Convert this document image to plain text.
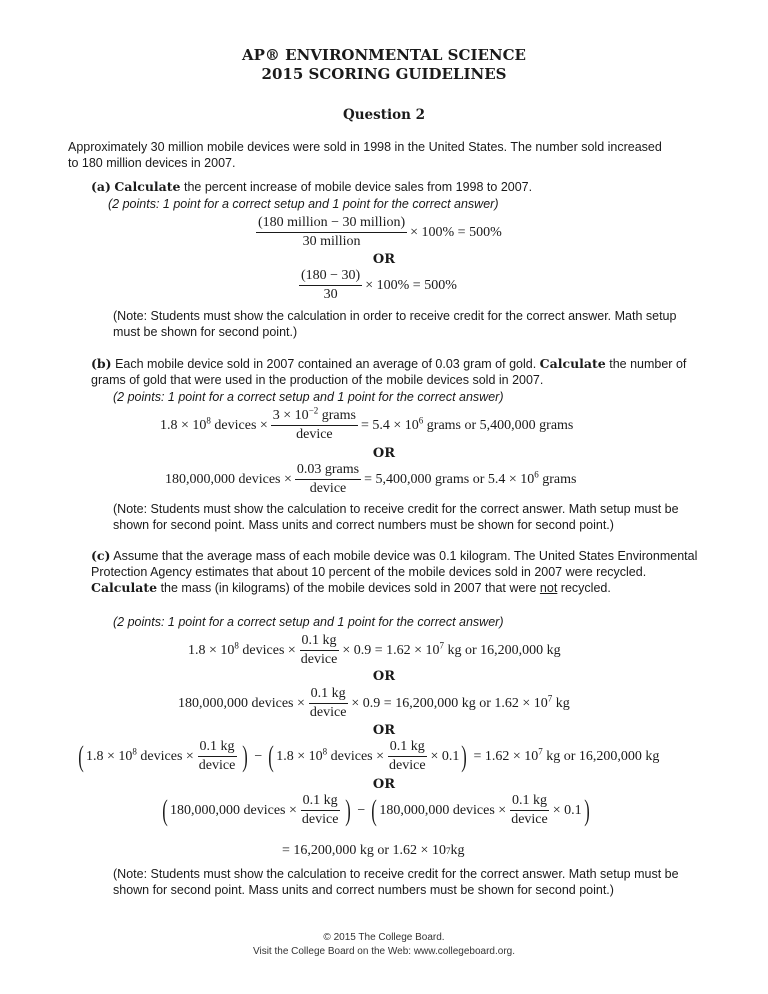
AP® ENVIRONMENTAL SCIENCE
2015 SCORING GUIDELINES
Question 2
Approximately 30 million mobile devices were sold in 1998 in the United States. The number sold increased to 180 million devices in 2007.
(a) Calculate the percent increase of mobile device sales from 1998 to 2007.
(2 points: 1 point for a correct setup and 1 point for the correct answer)
$\frac{\text{(180 million − 30 million)}}{\text{30 million}} \times 100\% = 500\%$
OR
$\frac{(180 - 30)}{30} \times 100\% = 500\%$
(Note: Students must show the calculation in order to receive credit for the correct answer. Math setup must be shown for second point.)
(b) Each mobile device sold in 2007 contained an average of 0.03 gram of gold. Calculate the number of grams of gold that were used in the production of the mobile devices sold in 2007.
(2 points: 1 point for a correct setup and 1 point for the correct answer)
$1.8 \times 10^8$ devices × $\frac{3 \times 10^{-2} grams}{\text{device}} = 5.4 \times 10^6$ grams or 5,400,000 grams
OR
180,000,000 devices × $\frac{\text{0.03 grams}}{\text{device}} = 5,400,000$ grams or $5.4 \times 10^6$ grams
(Note: Students must show the calculation to receive credit for the correct answer. Math setup must be shown for second point. Mass units and correct numbers must be shown for second point.)
(c) Assume that the average mass of each mobile device was 0.1 kilogram. The United States Environmental Protection Agency estimates that about 10 percent of the mobile devices sold in 2007 were recycled. Calculate the mass (in kilograms) of the mobile devices sold in 2007 that were not recycled.
(2 points: 1 point for a correct setup and 1 point for the correct answer)
$1.8 \times 10^8$ devices × $\frac{0.1 kg}{\text{device}} \times 0.9 = 1.62 \times 10^7$ kg or 16,200,000 kg
OR
180,000,000 devices × $\frac{0.1 kg}{\text{device}} \times 0.9 = 16,200,000$ kg or $1.62 \times 10^7$ kg
OR
( $1.8 \times 10^8$ devices × $\frac{0.1 kg}{\text{device}}$ ) − ( $1.8 \times 10^8$ devices × $\frac{0.1 kg}{\text{device}} \times 0.1$ ) = $1.62 \times 10^7$ kg or 16,200,000 kg
OR
( 180,000,000 devices × $\frac{0.1 kg}{\text{device}}$ ) − ( 180,000,000 devices × $\frac{0.1 kg}{\text{device}} \times 0.1$ )
= 16,200,000 kg or 1.62 × 10 7 kg
(Note: Students must show the calculation to receive credit for the correct answer. Math setup must be shown for second point. Mass units and correct numbers must be shown for second point.)
© 2015 The College Board.
Visit the College Board on the Web: www.collegeboard.org.
